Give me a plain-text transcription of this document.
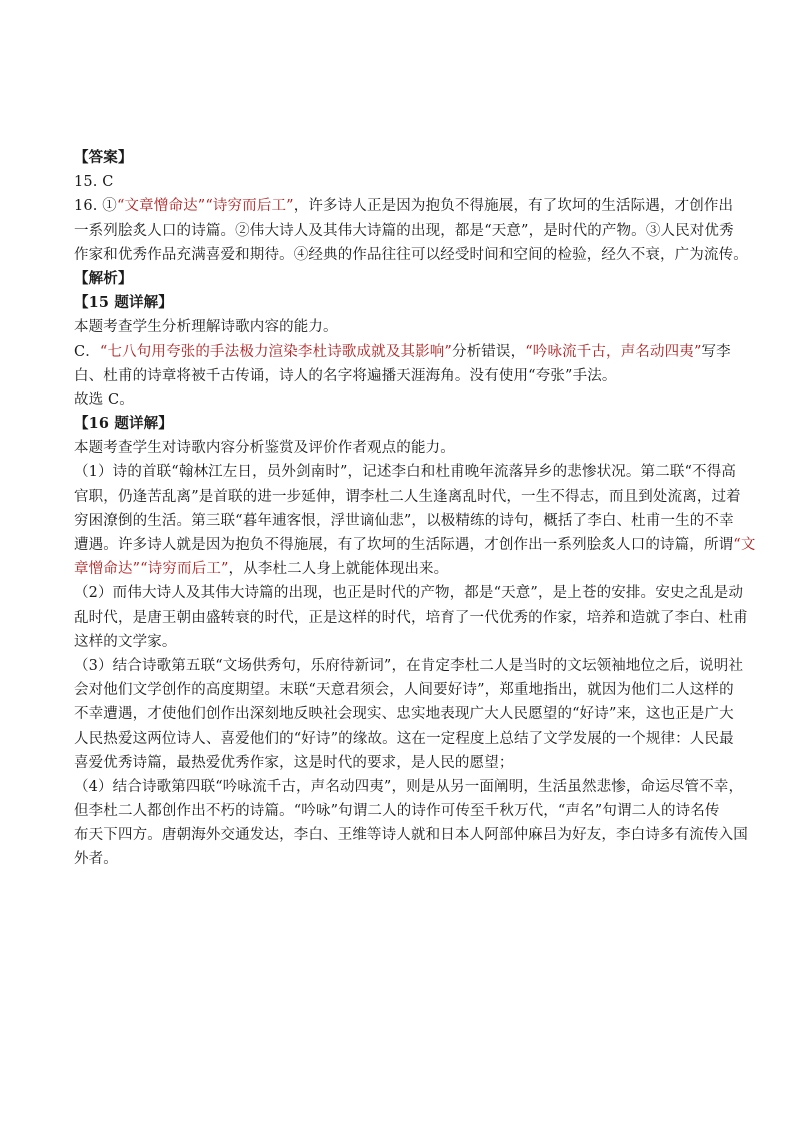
【答案】
15. C
16. ①“文章憎命达”“诗穷而后工”，许多诗人正是因为抱负不得施展，有了坎坷的生活际遇，才创作出
一系列脍炙人口的诗篇。②伟大诗人及其伟大诗篇的出现，都是“天意”，是时代的产物。③人民对优秀
作家和优秀作品充满喜爱和期待。④经典的作品往往可以经受时间和空间的检验，经久不衰，广为流传。
【解析】
【15 题详解】
本题考查学生分析理解诗歌内容的能力。
C．“七八句用夸张的手法极力渲染李杜诗歌成就及其影响”分析错误，“吟咏流千古，声名动四夷”写李
白、杜甫的诗章将被千古传诵，诗人的名字将遍播天涯海角。没有使用“夸张”手法。
故选 C。
【16 题详解】
本题考查学生对诗歌内容分析鉴赏及评价作者观点的能力。
（1）诗的首联“翰林江左日，员外剑南时”，记述李白和杜甫晚年流落异乡的悲惨状况。第二联“不得高
官职，仍逢苦乱离”是首联的进一步延伸，谓李杜二人生逢离乱时代，一生不得志，而且到处流离，过着
穷困潦倒的生活。第三联“暮年逋客恨，浮世谪仙悲”，以极精练的诗句，概括了李白、杜甫一生的不幸
遭遇。许多诗人就是因为抱负不得施展，有了坎坷的生活际遇，才创作出一系列脍炙人口的诗篇，所谓“文
章憎命达”“诗穷而后工”，从李杜二人身上就能体现出来。
（2）而伟大诗人及其伟大诗篇的出现，也正是时代的产物，都是“天意”，是上苍的安排。安史之乱是动
乱时代，是唐王朝由盛转衰的时代，正是这样的时代，培育了一代优秀的作家，培养和造就了李白、杜甫
这样的文学家。
（3）结合诗歌第五联“文场供秀句，乐府待新词”，在肯定李杜二人是当时的文坛领袖地位之后，说明社
会对他们文学创作的高度期望。末联“天意君须会，人间要好诗”，郑重地指出，就因为他们二人这样的
不幸遭遇，才使他们创作出深刻地反映社会现实、忠实地表现广大人民愿望的“好诗”来，这也正是广大
人民热爱这两位诗人、喜爱他们的“好诗”的缘故。这在一定程度上总结了文学发展的一个规律：人民最
喜爱优秀诗篇，最热爱优秀作家，这是时代的要求，是人民的愿望；
（4）结合诗歌第四联“吟咏流千古，声名动四夷”，则是从另一面阐明，生活虽然悲惨，命运尽管不幸，
但李杜二人都创作出不朽的诗篇。“吟咏”句谓二人的诗作可传至千秋万代，“声名”句谓二人的诗名传
布天下四方。唐朝海外交通发达，李白、王维等诗人就和日本人阿部仲麻吕为好友，李白诗多有流传入国
外者。
